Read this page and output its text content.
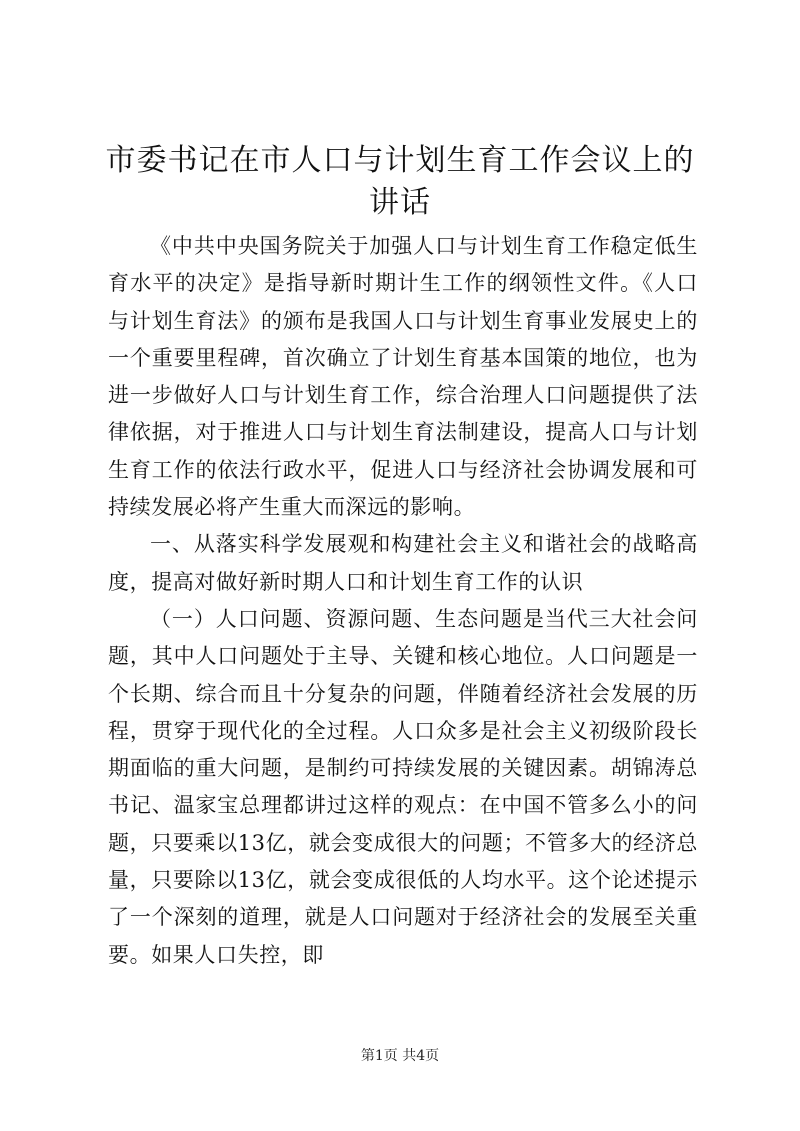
市委书记在市人口与计划生育工作会议上的讲话

《中共中央国务院关于加强人口与计划生育工作稳定低生育水平的决定》是指导新时期计生工作的纲领性文件。《人口与计划生育法》的颁布是我国人口与计划生育事业发展史上的一个重要里程碑，首次确立了计划生育基本国策的地位，也为进一步做好人口与计划生育工作，综合治理人口问题提供了法律依据，对于推进人口与计划生育法制建设，提高人口与计划生育工作的依法行政水平，促进人口与经济社会协调发展和可持续发展必将产生重大而深远的影响。

一、从落实科学发展观和构建社会主义和谐社会的战略高度，提高对做好新时期人口和计划生育工作的认识

（一）人口问题、资源问题、生态问题是当代三大社会问题，其中人口问题处于主导、关键和核心地位。人口问题是一个长期、综合而且十分复杂的问题，伴随着经济社会发展的历程，贯穿于现代化的全过程。人口众多是社会主义初级阶段长期面临的重大问题，是制约可持续发展的关键因素。胡锦涛总书记、温家宝总理都讲过这样的观点：在中国不管多么小的问题，只要乘以13亿，就会变成很大的问题；不管多大的经济总量，只要除以13亿，就会变成很低的人均水平。这个论述提示了一个深刻的道理，就是人口问题对于经济社会的发展至关重要。如果人口失控，即

第1页 共4页
